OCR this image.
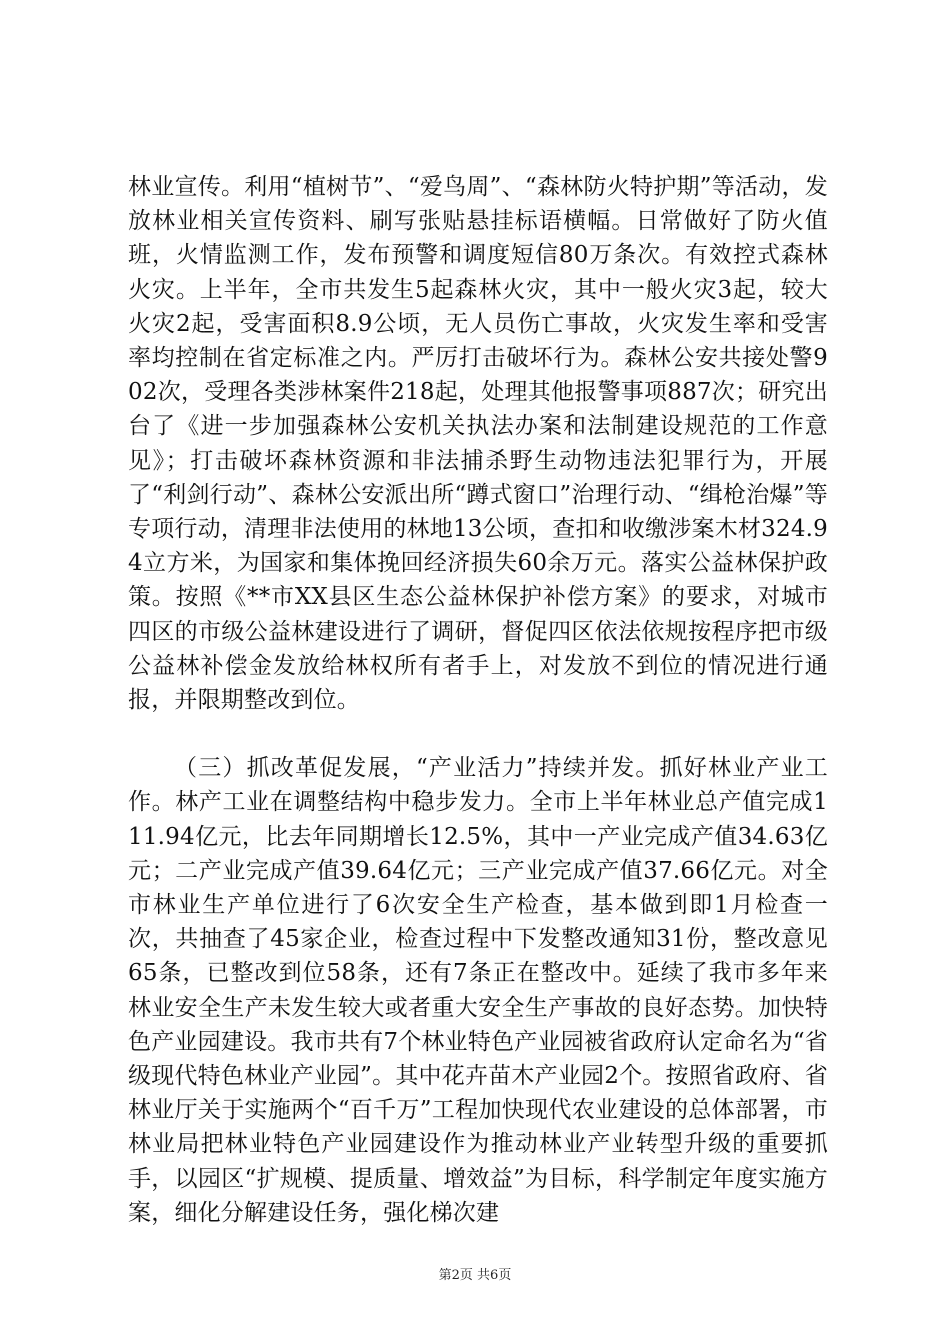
林业宣传。利用“植树节”、“爱鸟周”、“森林防火特护期”等活动，发放林业相关宣传资料、刷写张贴悬挂标语横幅。日常做好了防火值班，火情监测工作，发布预警和调度短信80万条次。有效控式森林火灾。上半年，全市共发生5起森林火灾，其中一般火灾3起，较大火灾2起，受害面积8.9公顷，无人员伤亡事故，火灾发生率和受害率均控制在省定标准之内。严厉打击破坏行为。森林公安共接处警902次，受理各类涉林案件218起，处理其他报警事项887次；研究出台了《进一步加强森林公安机关执法办案和法制建设规范的工作意见》；打击破坏森林资源和非法捕杀野生动物违法犯罪行为，开展了“利剑行动”、森林公安派出所“蹲式窗口”治理行动、“缉枪治爆”等专项行动，清理非法使用的林地13公顷，查扣和收缴涉案木材324.94立方米，为国家和集体挽回经济损失60余万元。落实公益林保护政策。按照《**市XX县区生态公益林保护补偿方案》的要求，对城市四区的市级公益林建设进行了调研，督促四区依法依规按程序把市级公益林补偿金发放给林权所有者手上，对发放不到位的情况进行通报，并限期整改到位。

（三）抓改革促发展，“产业活力”持续并发。抓好林业产业工作。林产工业在调整结构中稳步发力。全市上半年林业总产值完成111.94亿元，比去年同期增长12.5%，其中一产业完成产值34.63亿元；二产业完成产值39.64亿元；三产业完成产值37.66亿元。对全市林业生产单位进行了6次安全生产检查，基本做到即1月检查一次，共抽查了45家企业，检查过程中下发整改通知31份，整改意见65条，已整改到位58条，还有7条正在整改中。延续了我市多年来林业安全生产未发生较大或者重大安全生产事故的良好态势。加快特色产业园建设。我市共有7个林业特色产业园被省政府认定命名为“省级现代特色林业产业园”。其中花卉苗木产业园2个。按照省政府、省林业厅关于实施两个“百千万”工程加快现代农业建设的总体部署，市林业局把林业特色产业园建设作为推动林业产业转型升级的重要抓手，以园区“扩规模、提质量、增效益”为目标，科学制定年度实施方案，细化分解建设任务，强化梯次建

第2页 共6页
